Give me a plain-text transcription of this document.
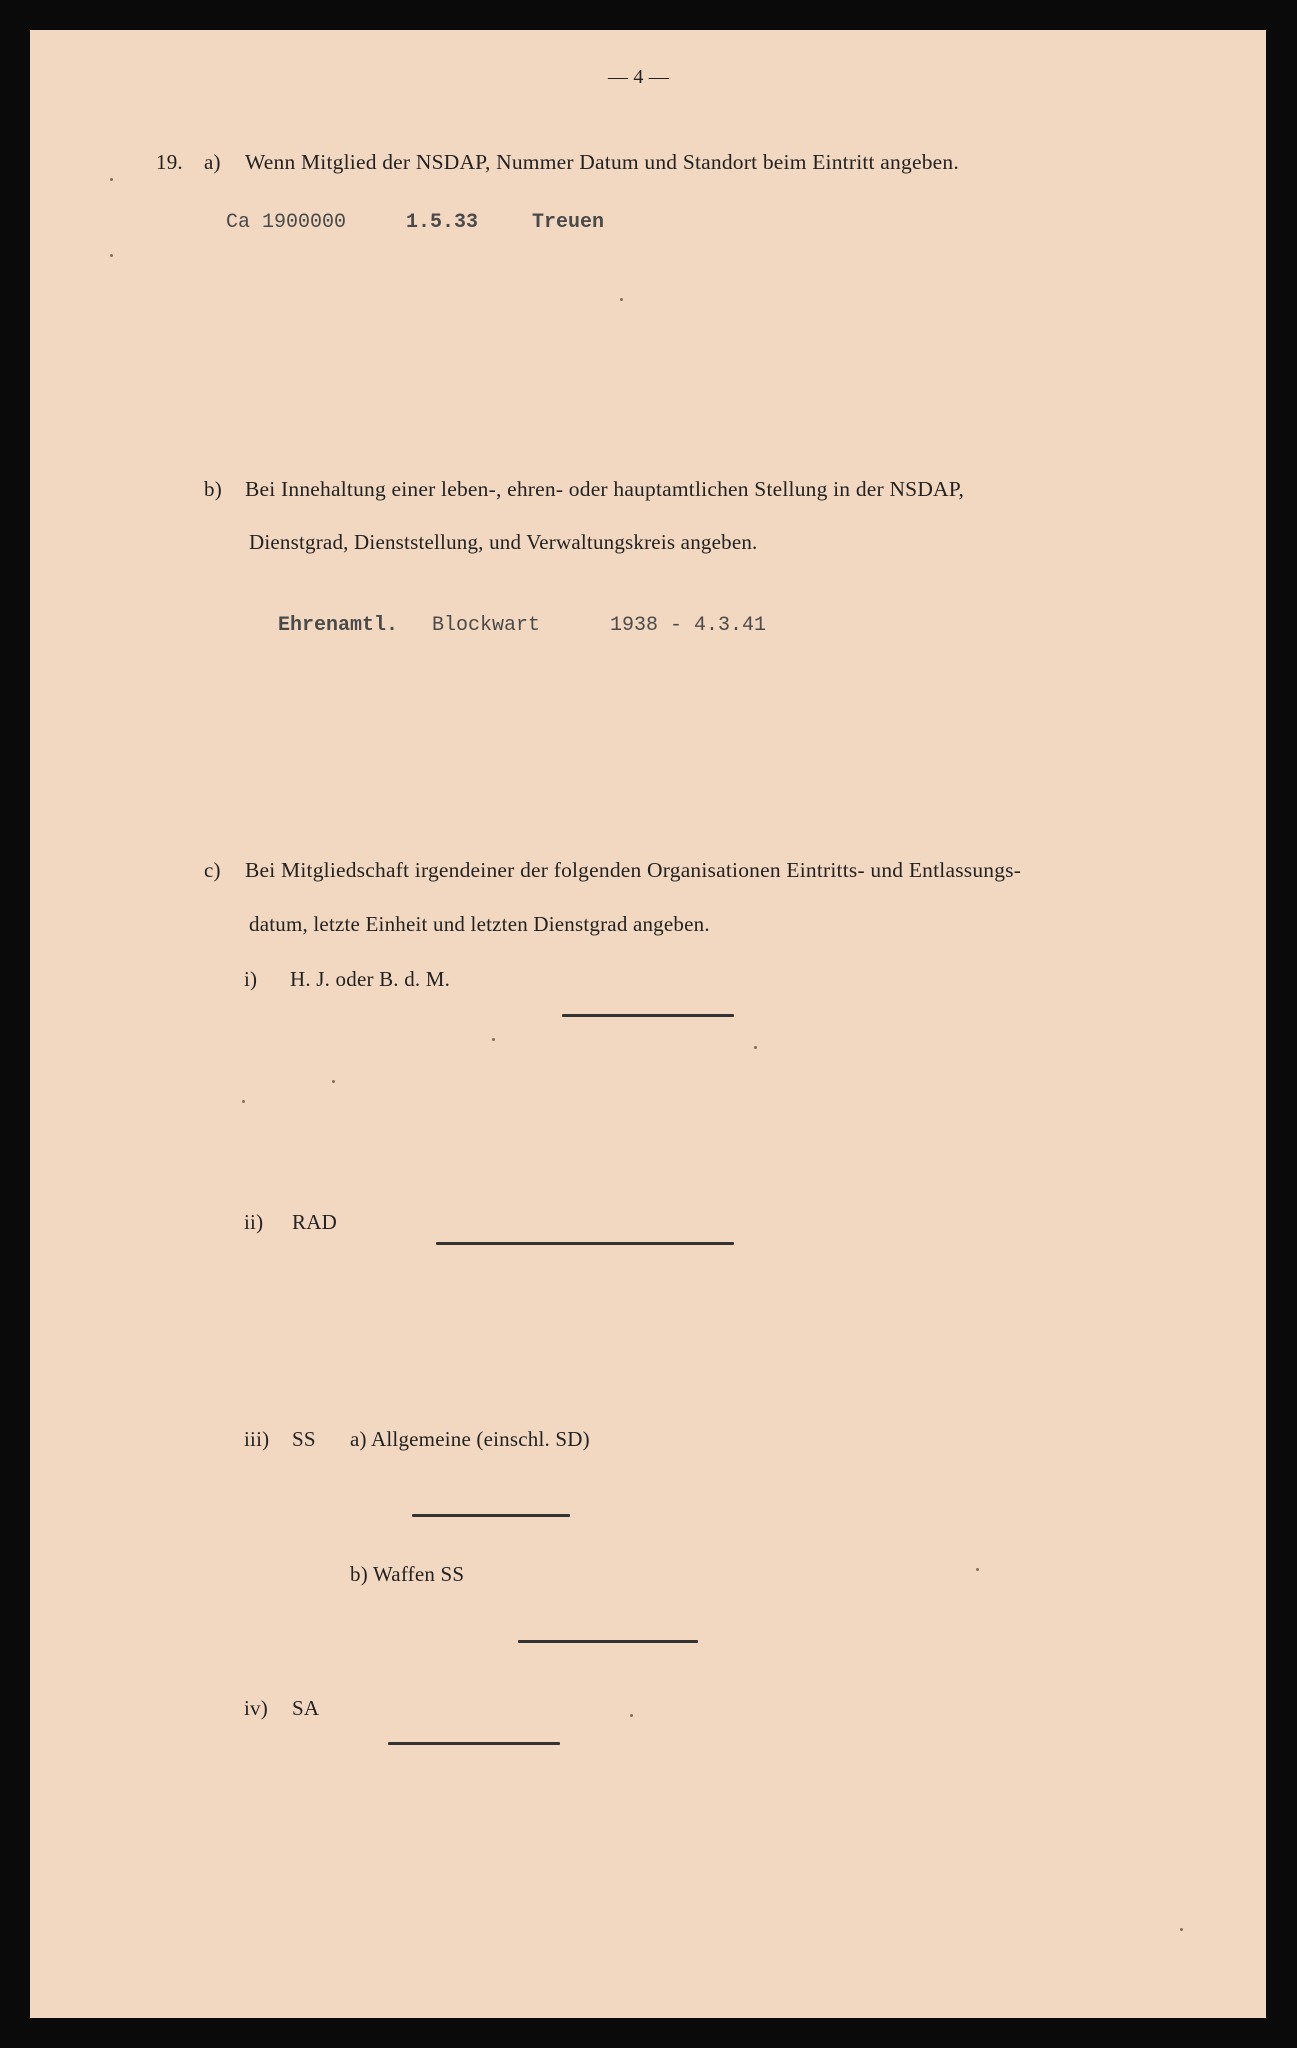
— 4 —
19. a) Wenn Mitglied der NSDAP, Nummer Datum und Standort beim Eintritt angeben.
Ca 1900000	1.5.33	Treuen
b) Bei Innehaltung einer leben-, ehren- oder hauptamtlichen Stellung in der NSDAP,
Dienstgrad, Dienststellung, und Verwaltungskreis angeben.
Ehrenamtl. Blockwart	1938 - 4.3.41
c) Bei Mitgliedschaft irgendeiner der folgenden Organisationen Eintritts- und Entlassungs-
datum, letzte Einheit und letzten Dienstgrad angeben.
i) H. J. oder B. d. M.
ii) RAD
iii) SS a) Allgemeine (einschl. SD)
b) Waffen SS
iv) SA
